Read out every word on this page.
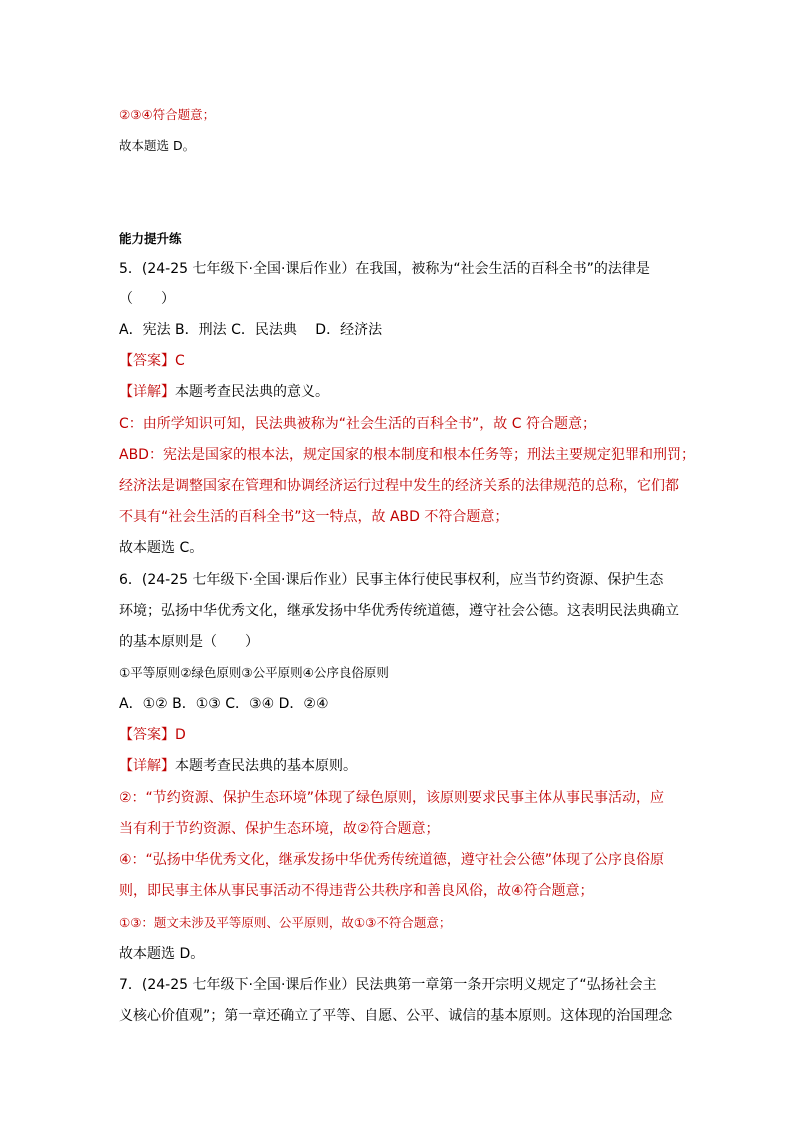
②③④符合题意；
故本题选 D。
能力提升练
5．(24-25 七年级下·全国·课后作业）在我国，被称为“社会生活的百科全书”的法律是
（　　）
A．宪法 B．刑法 C．民法典　 D．经济法
【答案】C
【详解】本题考查民法典的意义。
C：由所学知识可知，民法典被称为“社会生活的百科全书”，故 C 符合题意；
ABD：宪法是国家的根本法，规定国家的根本制度和根本任务等；刑法主要规定犯罪和刑罚；
经济法是调整国家在管理和协调经济运行过程中发生的经济关系的法律规范的总称，它们都
不具有“社会生活的百科全书”这一特点，故 ABD 不符合题意；
故本题选 C。
6．(24-25 七年级下·全国·课后作业）民事主体行使民事权利，应当节约资源、保护生态
环境；弘扬中华优秀文化，继承发扬中华优秀传统道德，遵守社会公德。这表明民法典确立
的基本原则是（　　）
①平等原则②绿色原则③公平原则④公序良俗原则
A．①② B．①③ C．③④ D．②④
【答案】D
【详解】本题考查民法典的基本原则。
②：“节约资源、保护生态环境”体现了绿色原则，该原则要求民事主体从事民事活动，应
当有利于节约资源、保护生态环境，故②符合题意；
④：“弘扬中华优秀文化，继承发扬中华优秀传统道德，遵守社会公德”体现了公序良俗原
则，即民事主体从事民事活动不得违背公共秩序和善良风俗，故④符合题意；
①③：题文未涉及平等原则、公平原则，故①③不符合题意；
故本题选 D。
7．(24-25 七年级下·全国·课后作业）民法典第一章第一条开宗明义规定了“弘扬社会主
义核心价值观”；第一章还确立了平等、自愿、公平、诚信的基本原则。这体现的治国理念
